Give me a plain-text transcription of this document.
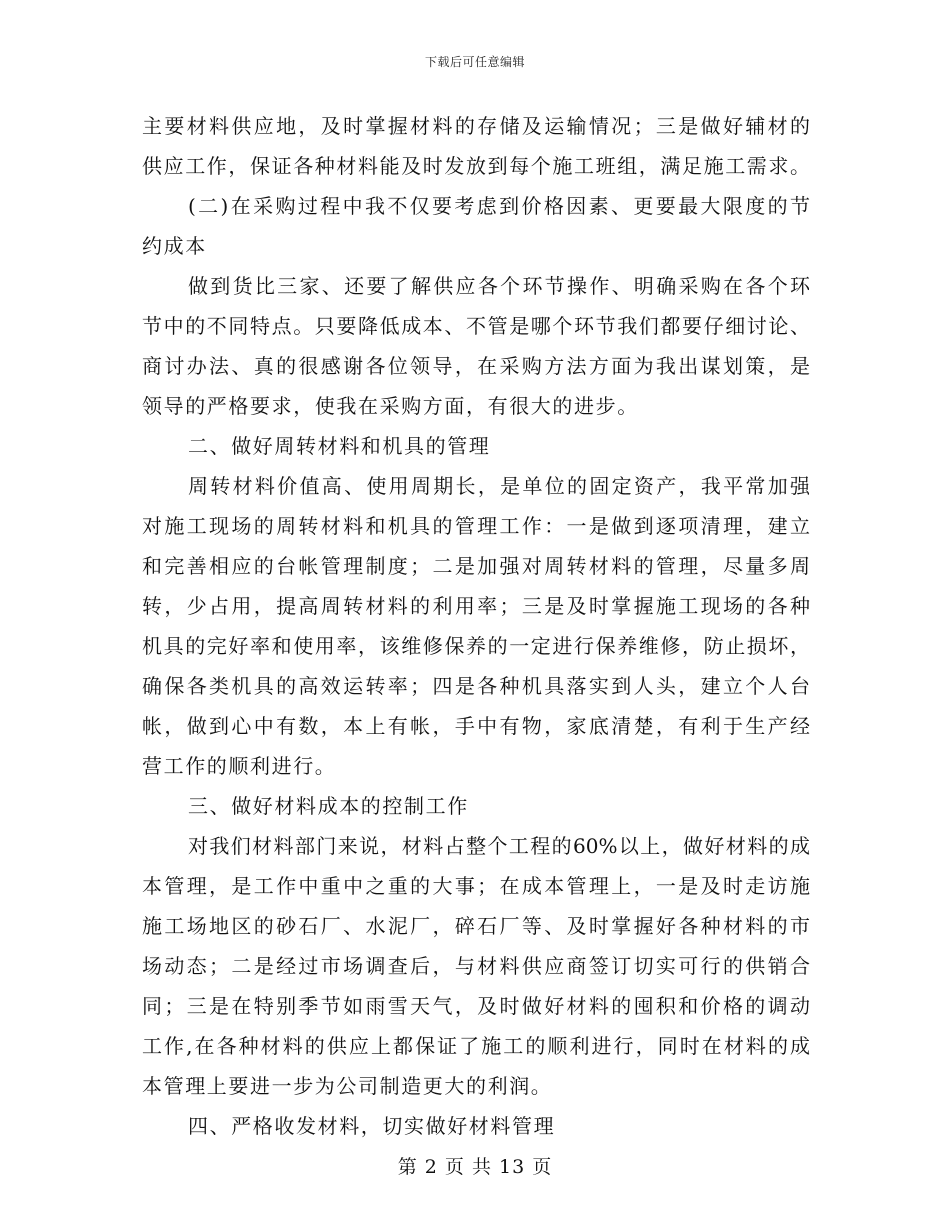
下载后可任意编辑
主要材料供应地，及时掌握材料的存储及运输情况；三是做好辅材的
供应工作，保证各种材料能及时发放到每个施工班组，满足施工需求。
(二)在采购过程中我不仅要考虑到价格因素、更要最大限度的节
约成本
做到货比三家、还要了解供应各个环节操作、明确采购在各个环
节中的不同特点。只要降低成本、不管是哪个环节我们都要仔细讨论、
商讨办法、真的很感谢各位领导，在采购方法方面为我出谋划策，是
领导的严格要求，使我在采购方面，有很大的进步。
二、做好周转材料和机具的管理
周转材料价值高、使用周期长，是单位的固定资产，我平常加强
对施工现场的周转材料和机具的管理工作：一是做到逐项清理，建立
和完善相应的台帐管理制度；二是加强对周转材料的管理，尽量多周
转，少占用，提高周转材料的利用率；三是及时掌握施工现场的各种
机具的完好率和使用率，该维修保养的一定进行保养维修，防止损坏，
确保各类机具的高效运转率；四是各种机具落实到人头，建立个人台
帐，做到心中有数，本上有帐，手中有物，家底清楚，有利于生产经
营工作的顺利进行。
三、做好材料成本的控制工作
对我们材料部门来说，材料占整个工程的60%以上，做好材料的成
本管理，是工作中重中之重的大事；在成本管理上，一是及时走访施
施工场地区的砂石厂、水泥厂，碎石厂等、及时掌握好各种材料的市
场动态；二是经过市场调查后，与材料供应商签订切实可行的供销合
同；三是在特别季节如雨雪天气，及时做好材料的囤积和价格的调动
工作,在各种材料的供应上都保证了施工的顺利进行，同时在材料的成
本管理上要进一步为公司制造更大的利润。
四、严格收发材料，切实做好材料管理
第 2 页 共 13 页
